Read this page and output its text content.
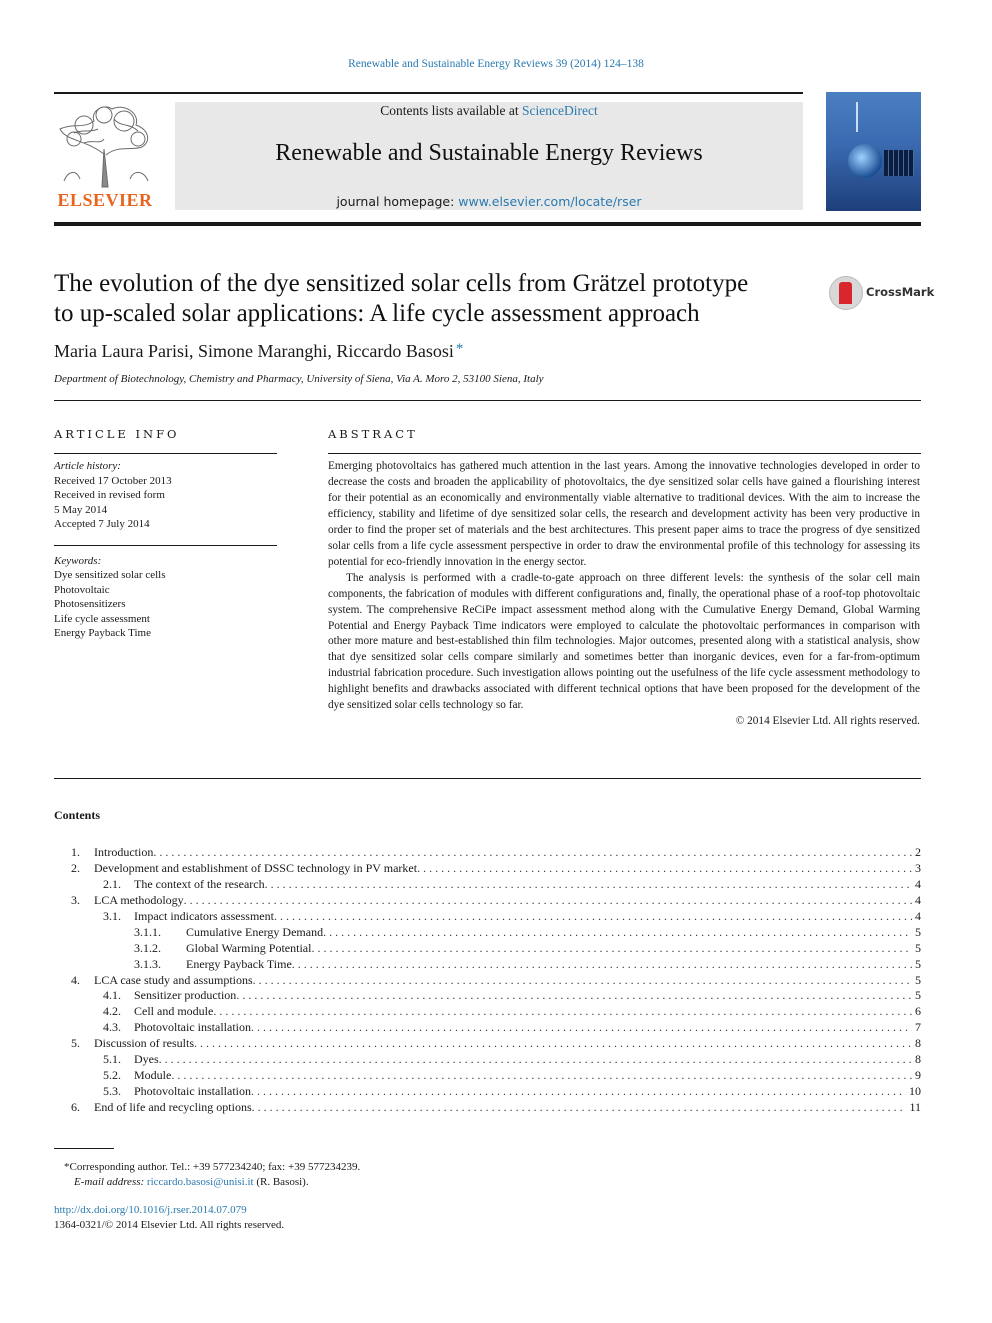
Renewable and Sustainable Energy Reviews 39 (2014) 124–138
ELSEVIER
Contents lists available at ScienceDirect
Renewable and Sustainable Energy Reviews
journal homepage: www.elsevier.com/locate/rser
The evolution of the dye sensitized solar cells from Grätzel prototype
to up-scaled solar applications: A life cycle assessment approach
CrossMark
Maria Laura Parisi, Simone Maranghi, Riccardo Basosi *
Department of Biotechnology, Chemistry and Pharmacy, University of Siena, Via A. Moro 2, 53100 Siena, Italy
ARTICLE INFO	ABSTRACT
Article history:
Received 17 October 2013
Received in revised form
5 May 2014
Accepted 7 July 2014
Keywords:
Dye sensitized solar cells
Photovoltaic
Photosensitizers
Life cycle assessment
Energy Payback Time

Emerging photovoltaics has gathered much attention in the last years. Among the innovative technologies developed in order to decrease the costs and broaden the applicability of photovoltaics, the dye sensitized solar cells have gained a flourishing interest for their potential as an economically and environmentally viable alternative to traditional devices. With the aim to increase the efficiency, stability and lifetime of dye sensitized solar cells, the research and development activity has been very productive in order to find the proper set of materials and the best architectures. This present paper aims to trace the progress of dye sensitized solar cells from a life cycle assessment perspective in order to draw the environmental profile of this technology for assessing its potential for eco-friendly innovation in the energy sector.

The analysis is performed with a cradle-to-gate approach on three different levels: the synthesis of the solar cell main components, the fabrication of modules with different configurations and, finally, the operational phase of a roof-top photovoltaic system. The comprehensive ReCiPe impact assessment method along with the Cumulative Energy Demand, Global Warming Potential and Energy Payback Time indicators were employed to calculate the photovoltaic performances in comparison with other more mature and best-established thin film technologies. Major outcomes, presented along with a statistical analysis, show that dye sensitized solar cells compare similarly and sometimes better than inorganic devices, even for a far-from-optimum industrial fabrication procedure. Such investigation allows pointing out the usefulness of the life cycle assessment methodology to highlight benefits and drawbacks associated with different technical options that have been proposed for the development of the dye sensitized solar cells technology so far.

© 2014 Elsevier Ltd. All rights reserved.

Contents
1. Introduction . . .	2
2. Development and establishment of DSSC technology in PV market . . .	3
2.1. The context of the research . . .	4
3. LCA methodology . . .	4
3.1. Impact indicators assessment . . .	4
3.1.1. Cumulative Energy Demand . . .	5
3.1.2. Global Warming Potential . . .	5
3.1.3. Energy Payback Time . . .	5
4. LCA case study and assumptions . . .	5
4.1. Sensitizer production . . .	5
4.2. Cell and module . . .	6
4.3. Photovoltaic installation . . .	7
5. Discussion of results . . .	8
5.1. Dyes . . .	8
5.2. Module . . .	9
5.3. Photovoltaic installation . . .	10
6. End of life and recycling options . . .	11
*Corresponding author. Tel.: +39 577234240; fax: +39 577234239.
E-mail address: riccardo.basosi@unisi.it (R. Basosi).
http://dx.doi.org/10.1016/j.rser.2014.07.079
1364-0321/© 2014 Elsevier Ltd. All rights reserved.
